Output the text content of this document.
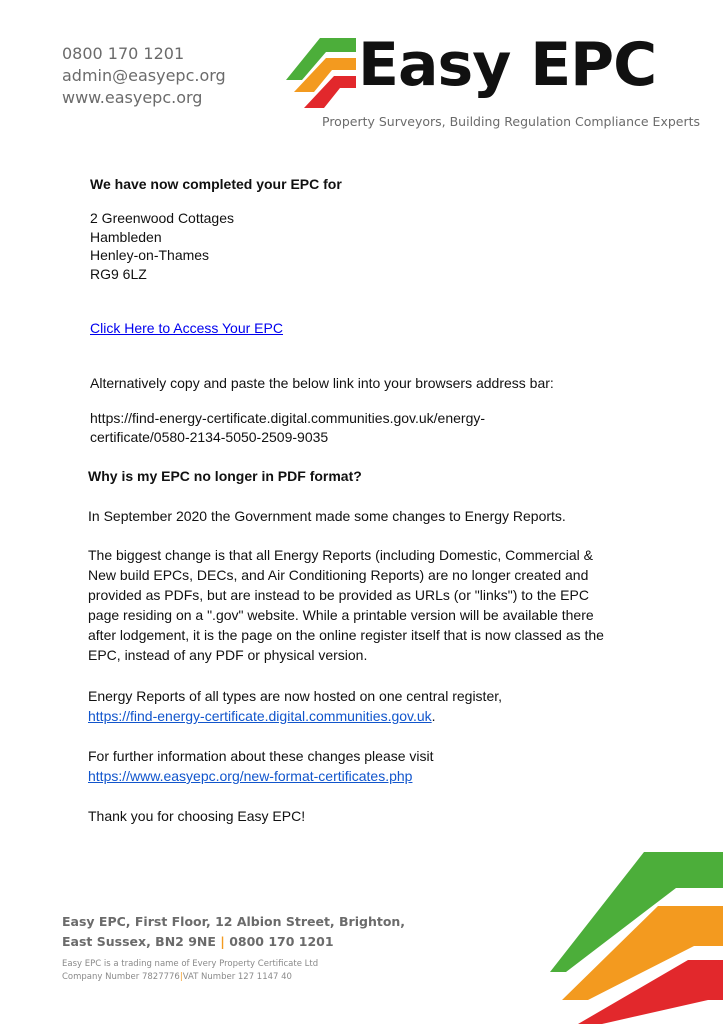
0800 170 1201
admin@easyepc.org
www.easyepc.org	Easy EPC
Property Surveyors, Building Regulation Compliance Experts
We have now completed your EPC for
2 Greenwood Cottages
Hambleden
Henley-on-Thames
RG9 6LZ
Click Here to Access Your EPC
Alternatively copy and paste the below link into your browsers address bar:
https://find-energy-certificate.digital.communities.gov.uk/energy-
certificate/0580-2134-5050-2509-9035
Why is my EPC no longer in PDF format?
In September 2020 the Government made some changes to Energy Reports.
The biggest change is that all Energy Reports (including Domestic, Commercial &
New build EPCs, DECs, and Air Conditioning Reports) are no longer created and
provided as PDFs, but are instead to be provided as URLs (or "links") to the EPC
page residing on a ".gov" website. While a printable version will be available there
after lodgement, it is the page on the online register itself that is now classed as the
EPC, instead of any PDF or physical version.
Energy Reports of all types are now hosted on one central register,
https://find-energy-certificate.digital.communities.gov.uk.
For further information about these changes please visit
https://www.easyepc.org/new-format-certificates.php
Thank you for choosing Easy EPC!
Easy EPC, First Floor, 12 Albion Street, Brighton,
East Sussex, BN2 9NE | 0800 170 1201
Easy EPC is a trading name of Every Property Certificate Ltd
Company Number 7827776|VAT Number 127 1147 40
